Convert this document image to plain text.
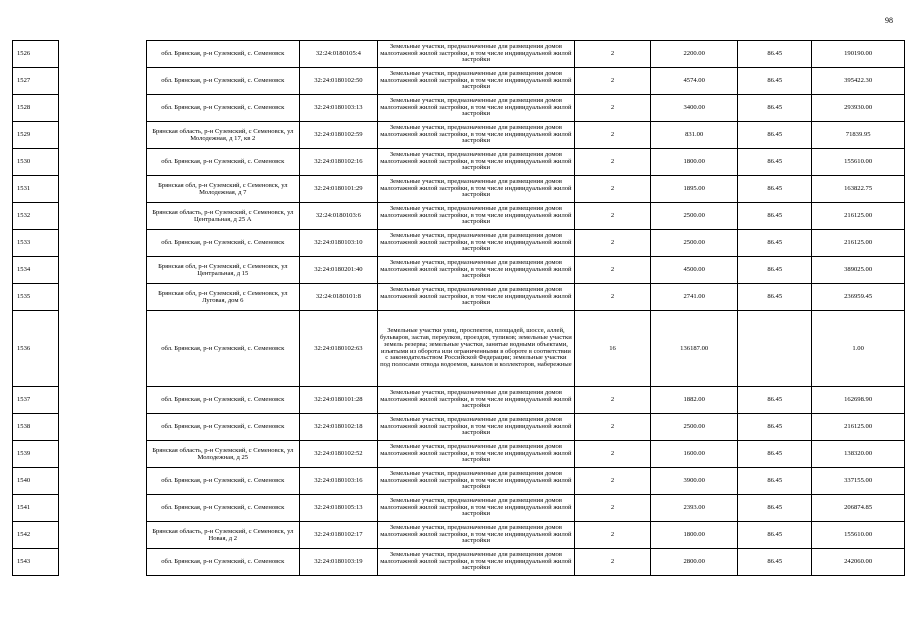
98
1526		обл. Брянская, р-н Суземский, с. Семеновск	32:24:0180105:4	Земельные участки, предназначенные для размещения домов малоэтажной жилой застройки, в том числе индивидуальной жилой застройки	2	2200.00	86.45	190190.00
1527		обл. Брянская, р-н Суземский, с. Семеновск	32:24:0180102:50	Земельные участки, предназначенные для размещения домов малоэтажной жилой застройки, в том числе индивидуальной жилой застройки	2	4574.00	86.45	395422.30
1528		обл. Брянская, р-н Суземский, с. Семеновск	32:24:0180103:13	Земельные участки, предназначенные для размещения домов малоэтажной жилой застройки, в том числе индивидуальной жилой застройки	2	3400.00	86.45	293930.00
1529		Брянская область, р-н Суземский, с Семеновск, ул Молодежная, д 17, кв 2	32:24:0180102:59	Земельные участки, предназначенные для размещения домов малоэтажной жилой застройки, в том числе индивидуальной жилой застройки	2	831.00	86.45	71839.95
1530		обл. Брянская, р-н Суземский, с. Семеновск	32:24:0180102:16	Земельные участки, предназначенные для размещения домов малоэтажной жилой застройки, в том числе индивидуальной жилой застройки	2	1800.00	86.45	155610.00
1531		Брянская обл, р-н Суземский, с Семеновск, ул Молодежная, д 7	32:24:0180101:29	Земельные участки, предназначенные для размещения домов малоэтажной жилой застройки, в том числе индивидуальной жилой застройки	2	1895.00	86.45	163822.75
1532		Брянская область, р-н Суземский, с Семеновск, ул Центральная, д 25 А	32:24:0180103:6	Земельные участки, предназначенные для размещения домов малоэтажной жилой застройки, в том числе индивидуальной жилой застройки	2	2500.00	86.45	216125.00
1533		обл. Брянская, р-н Суземский, с. Семеновск	32:24:0180103:10	Земельные участки, предназначенные для размещения домов малоэтажной жилой застройки, в том числе индивидуальной жилой застройки	2	2500.00	86.45	216125.00
1534		Брянская обл, р-н Суземский, с Семеновск, ул Центральная, д 15	32:24:0180201:40	Земельные участки, предназначенные для размещения домов малоэтажной жилой застройки, в том числе индивидуальной жилой застройки	2	4500.00	86.45	389025.00
1535		Брянская обл, р-н Суземский, с Семеновск, ул Луговая, дом 6	32:24:0180101:8	Земельные участки, предназначенные для размещения домов малоэтажной жилой застройки, в том числе индивидуальной жилой застройки	2	2741.00	86.45	236959.45
1536		обл. Брянская, р-н Суземский, с. Семеновск	32:24:0180102:63	Земельные участки улиц, проспектов, площадей, шоссе, аллей, бульваров, застав, переулков, проездов, тупиков; земельные участки земель резерва; земельные участки, занятые водными объектами, изъятыми из оборота или ограниченными в обороте в соответствии с законодательством Российской Федерации; земельные участки под полосами отвода водоемов, каналов и коллекторов, набережные	16	136187.00		1.00
1537		обл. Брянская, р-н Суземский, с. Семеновск	32:24:0180101:28	Земельные участки, предназначенные для размещения домов малоэтажной жилой застройки, в том числе индивидуальной жилой застройки	2	1882.00	86.45	162698.90
1538		обл. Брянская, р-н Суземский, с. Семеновск	32:24:0180102:18	Земельные участки, предназначенные для размещения домов малоэтажной жилой застройки, в том числе индивидуальной жилой застройки	2	2500.00	86.45	216125.00
1539		Брянская область, р-н Суземский, с Семеновск, ул Молодежная, д 25	32:24:0180102:52	Земельные участки, предназначенные для размещения домов малоэтажной жилой застройки, в том числе индивидуальной жилой застройки	2	1600.00	86.45	138320.00
1540		обл. Брянская, р-н Суземский, с. Семеновск	32:24:0180103:16	Земельные участки, предназначенные для размещения домов малоэтажной жилой застройки, в том числе индивидуальной жилой застройки	2	3900.00	86.45	337155.00
1541		обл. Брянская, р-н Суземский, с. Семеновск	32:24:0180105:13	Земельные участки, предназначенные для размещения домов малоэтажной жилой застройки, в том числе индивидуальной жилой застройки	2	2393.00	86.45	206874.85
1542		Брянская область, р-н Суземский, с Семеновск, ул Новая, д 2	32:24:0180102:17	Земельные участки, предназначенные для размещения домов малоэтажной жилой застройки, в том числе индивидуальной жилой застройки	2	1800.00	86.45	155610.00
1543		обл. Брянская, р-н Суземский, с. Семеновск	32:24:0180103:19	Земельные участки, предназначенные для размещения домов малоэтажной жилой застройки, в том числе индивидуальной жилой застройки	2	2800.00	86.45	242060.00
